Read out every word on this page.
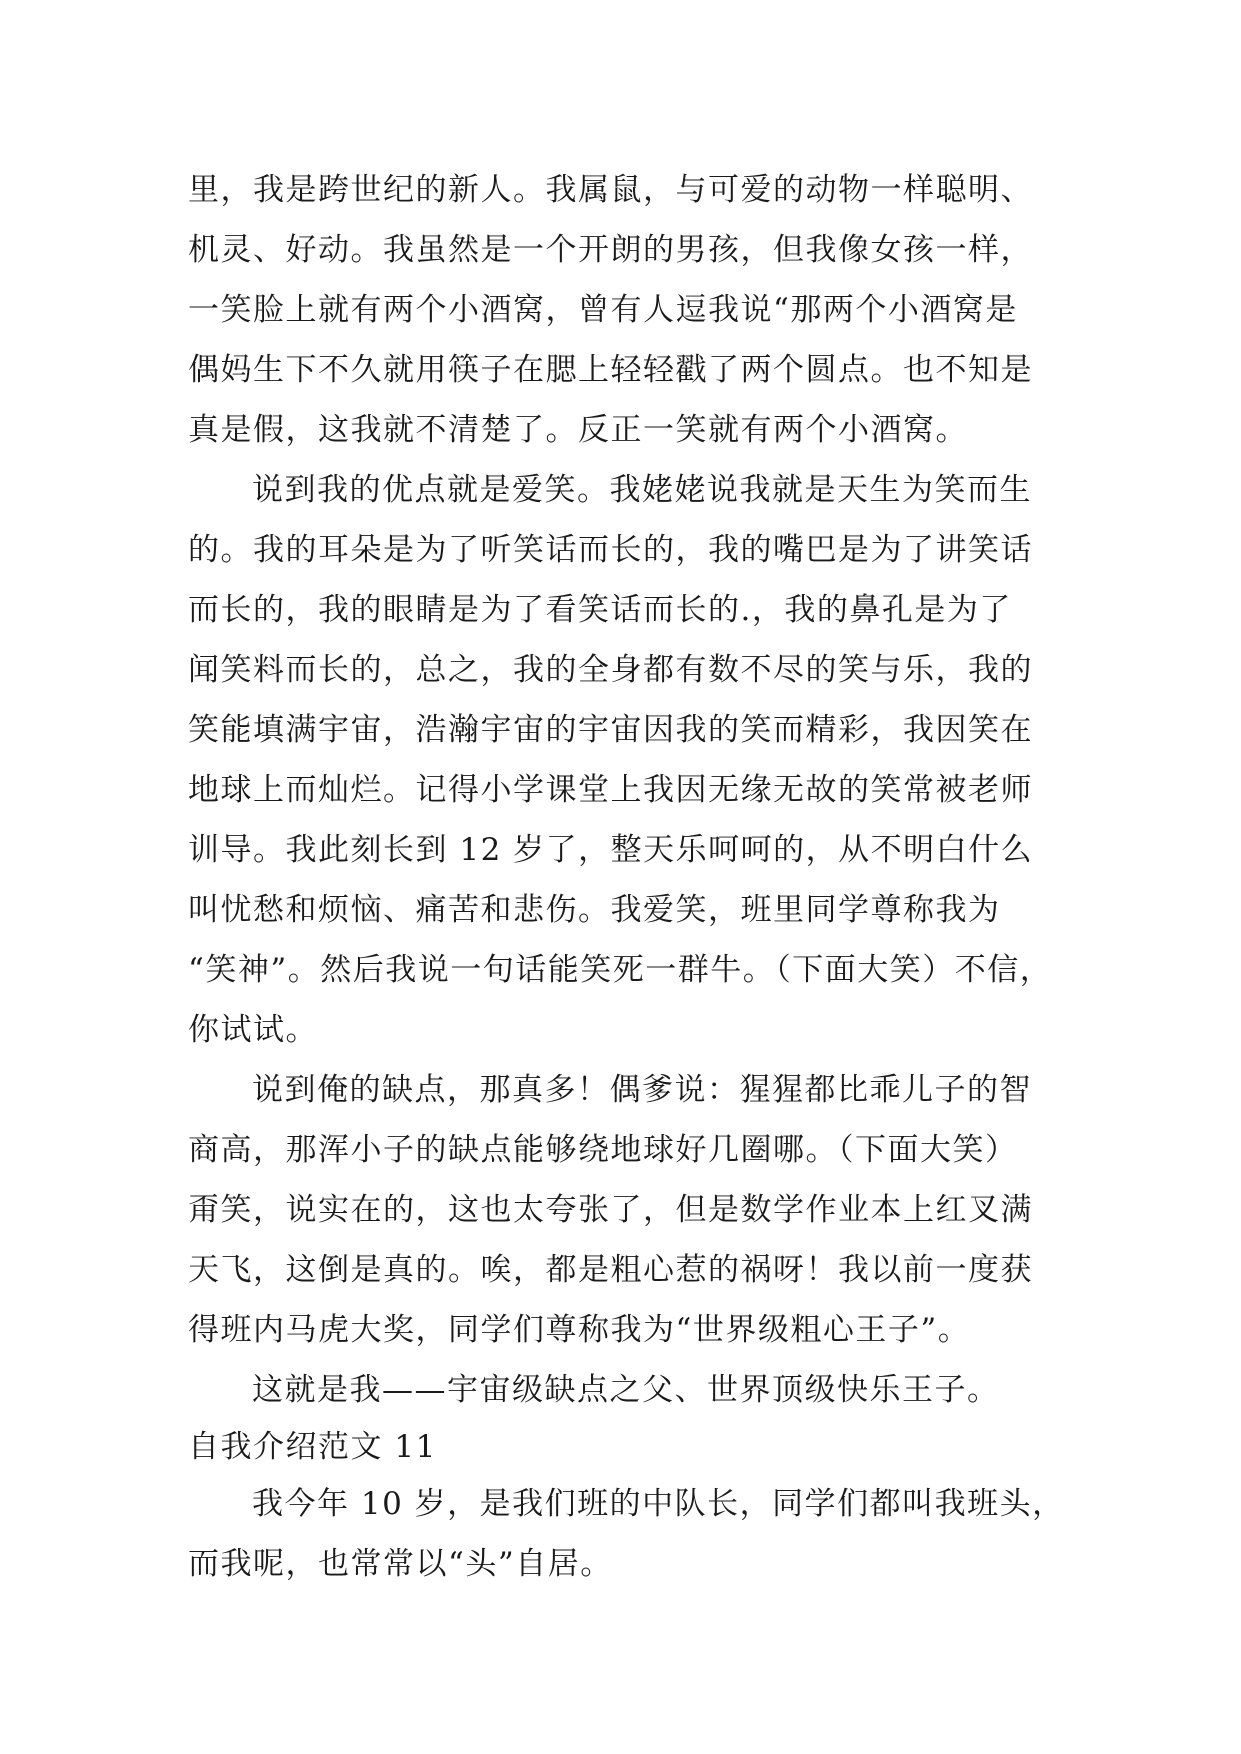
里，我是跨世纪的新人。我属鼠，与可爱的动物一样聪明、
机灵、好动。我虽然是一个开朗的男孩，但我像女孩一样，
一笑脸上就有两个小酒窝，曾有人逗我说“那两个小酒窝是
偶妈生下不久就用筷子在腮上轻轻戳了两个圆点。也不知是
真是假，这我就不清楚了。反正一笑就有两个小酒窝。
说到我的优点就是爱笑。我姥姥说我就是天生为笑而生
的。我的耳朵是为了听笑话而长的，我的嘴巴是为了讲笑话
而长的，我的眼睛是为了看笑话而长的.，我的鼻孔是为了
闻笑料而长的，总之，我的全身都有数不尽的笑与乐，我的
笑能填满宇宙，浩瀚宇宙的宇宙因我的笑而精彩，我因笑在
地球上而灿烂。记得小学课堂上我因无缘无故的笑常被老师
训导。我此刻长到 12 岁了，整天乐呵呵的，从不明白什么
叫忧愁和烦恼、痛苦和悲伤。我爱笑，班里同学尊称我为
“笑神”。然后我说一句话能笑死一群牛。（下面大笑）不信，
你试试。
说到俺的缺点，那真多！偶爹说：猩猩都比乖儿子的智
商高，那浑小子的缺点能够绕地球好几圈哪。（下面大笑）
甭笑，说实在的，这也太夸张了，但是数学作业本上红叉满
天飞，这倒是真的。唉，都是粗心惹的祸呀！我以前一度获
得班内马虎大奖，同学们尊称我为“世界级粗心王子”。
这就是我——宇宙级缺点之父、世界顶级快乐王子。
自我介绍范文 11
我今年 10 岁，是我们班的中队长，同学们都叫我班头，
而我呢，也常常以“头”自居。
